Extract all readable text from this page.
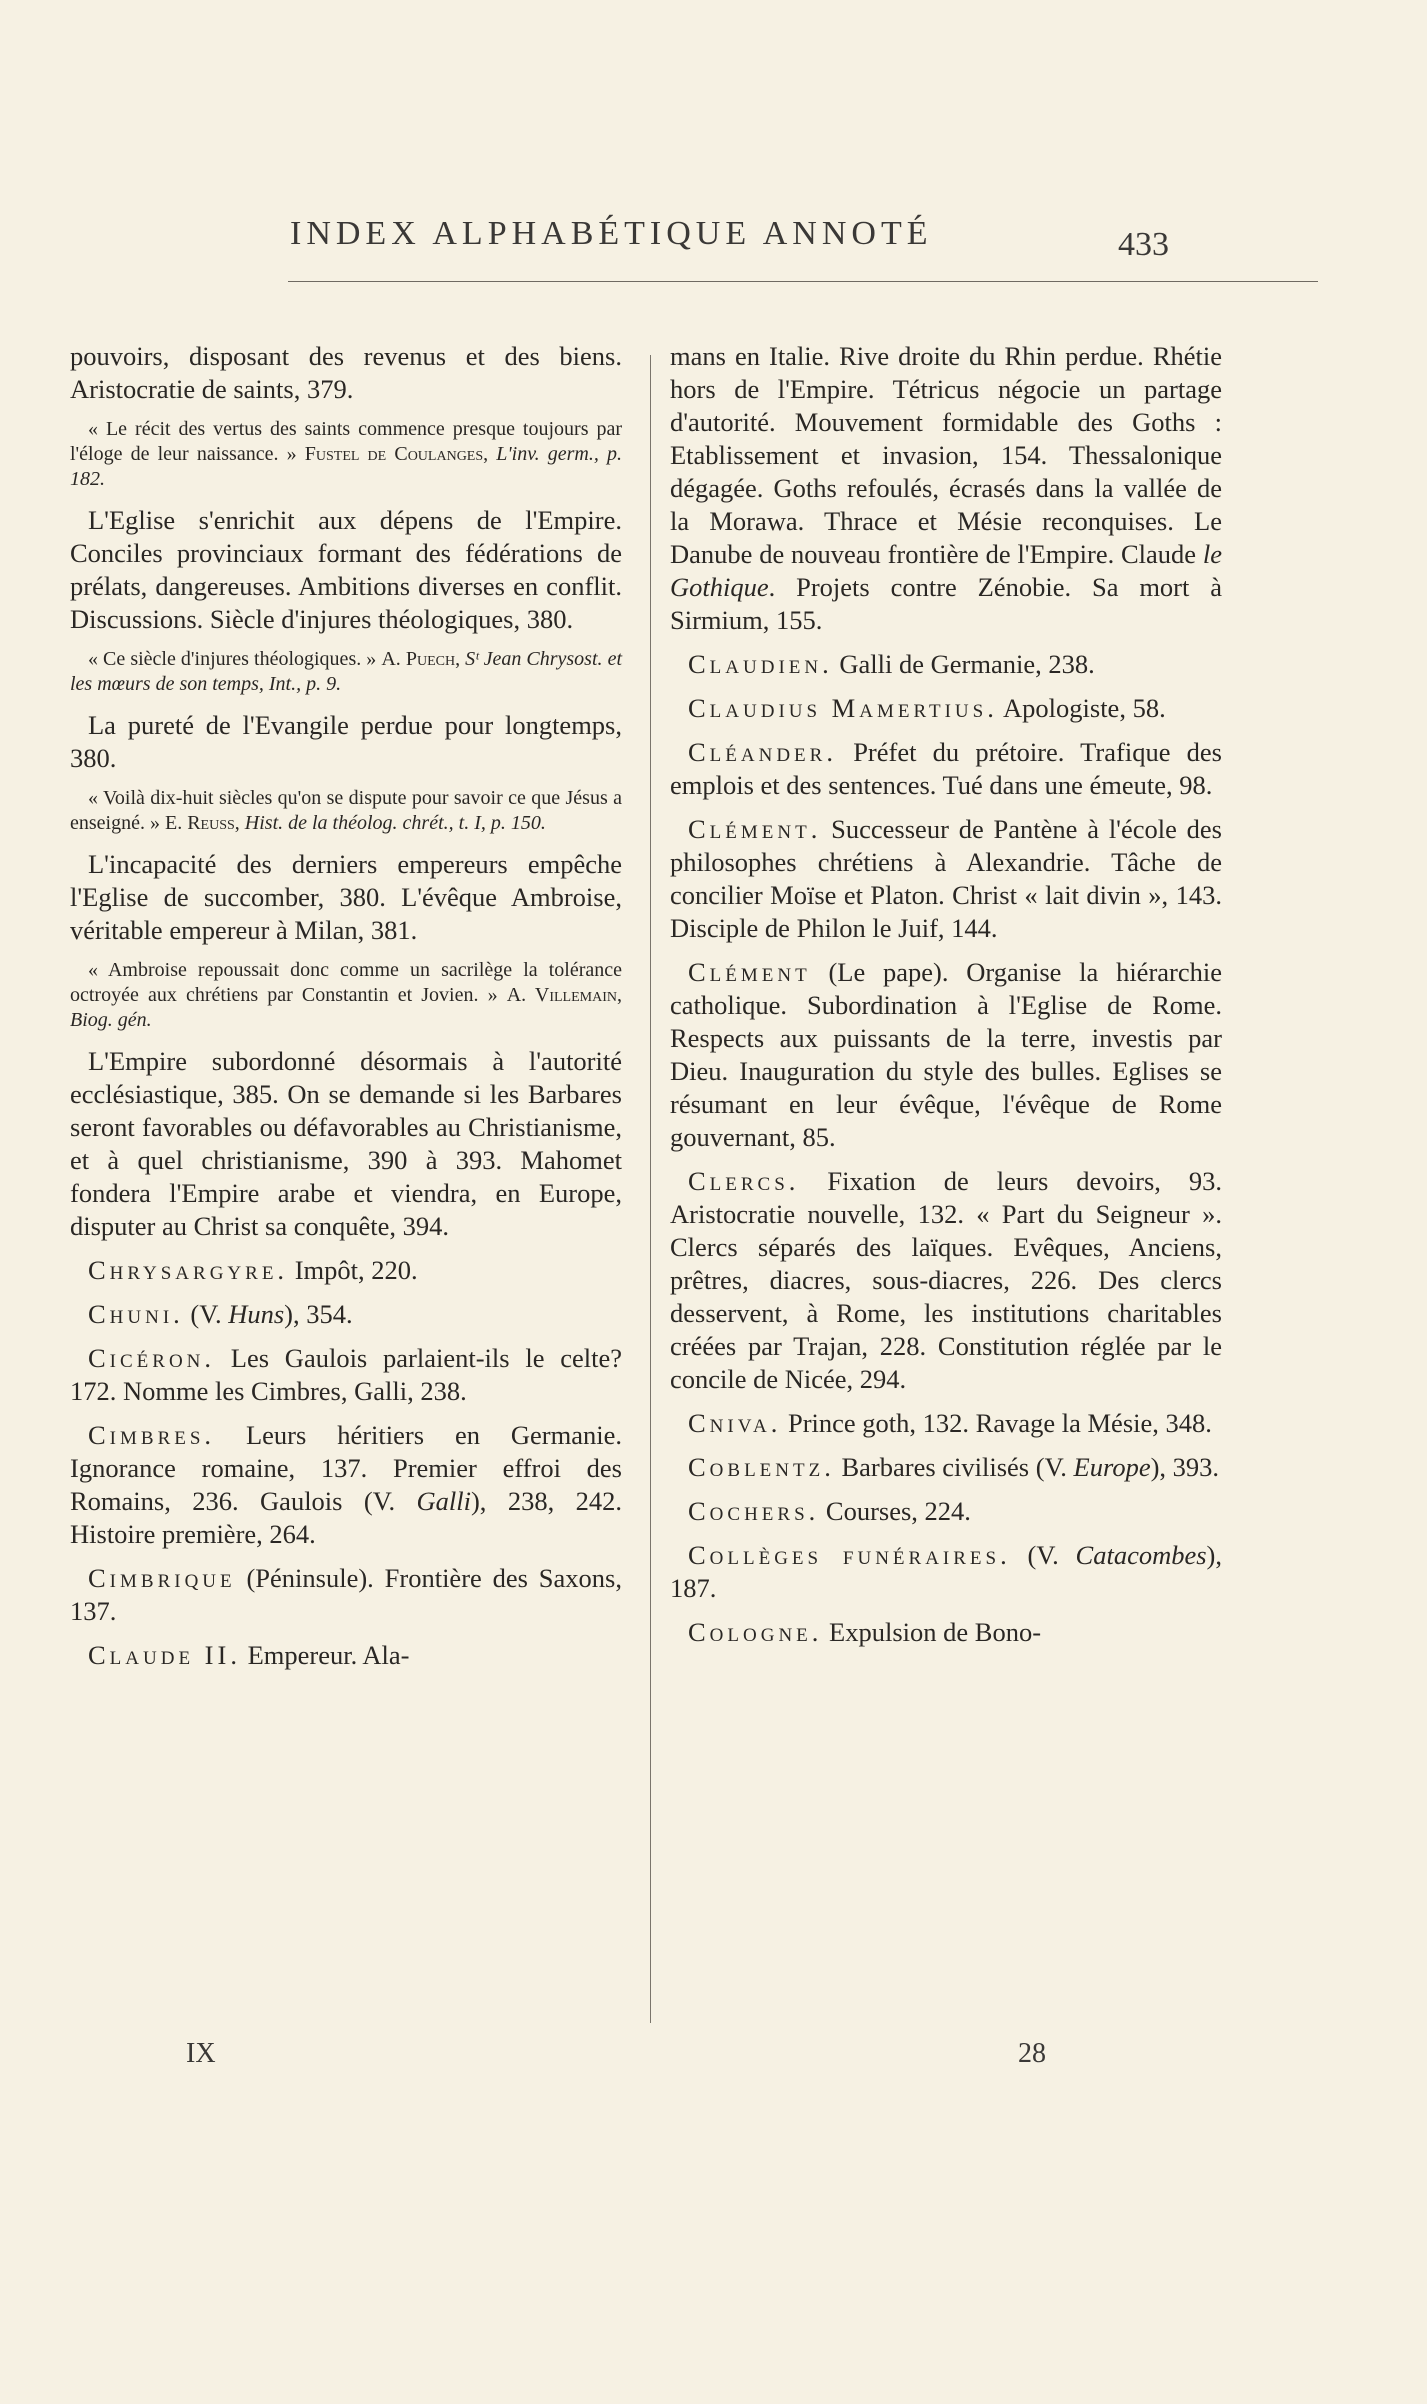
INDEX ALPHABÉTIQUE ANNOTÉ	433

pouvoirs, disposant des revenus et des biens. Aristocratie de saints, 379.

« Le récit des vertus des saints commence presque toujours par l'éloge de leur naissance. » Fustel de Coulanges, L'inv. germ., p. 182.

L'Eglise s'enrichit aux dépens de l'Empire. Conciles provinciaux formant des fédérations de prélats, dangereuses. Ambitions diverses en conflit. Discussions. Siècle d'injures théologiques, 380.

« Ce siècle d'injures théologiques. » A. Puech, Sᵗ Jean Chrysost. et les mœurs de son temps, Int., p. 9.

La pureté de l'Evangile perdue pour longtemps, 380.

« Voilà dix-huit siècles qu'on se dispute pour savoir ce que Jésus a enseigné. » E. Reuss, Hist. de la théolog. chrét., t. I, p. 150.

L'incapacité des derniers empereurs empêche l'Eglise de succomber, 380. L'évêque Ambroise, véritable empereur à Milan, 381.

« Ambroise repoussait donc comme un sacrilège la tolérance octroyée aux chrétiens par Constantin et Jovien. » A. Villemain, Biog. gén.

L'Empire subordonné désormais à l'autorité ecclésiastique, 385. On se demande si les Barbares seront favorables ou défavorables au Christianisme, et à quel christianisme, 390 à 393. Mahomet fondera l'Empire arabe et viendra, en Europe, disputer au Christ sa conquête, 394.

Chrysargyre. Impôt, 220.

Chuni. (V. Huns), 354.

Cicéron. Les Gaulois parlaient-ils le celte? 172. Nomme les Cimbres, Galli, 238.

Cimbres. Leurs héritiers en Germanie. Ignorance romaine, 137. Premier effroi des Romains, 236. Gaulois (V. Galli), 238, 242. Histoire première, 264.

Cimbrique (Péninsule). Frontière des Saxons, 137.

Claude II. Empereur. Ala-

mans en Italie. Rive droite du Rhin perdue. Rhétie hors de l'Empire. Tétricus négocie un partage d'autorité. Mouvement formidable des Goths : Etablissement et invasion, 154. Thessalonique dégagée. Goths refoulés, écrasés dans la vallée de la Morawa. Thrace et Mésie reconquises. Le Danube de nouveau frontière de l'Empire. Claude le Gothique. Projets contre Zénobie. Sa mort à Sirmium, 155.

Claudien. Galli de Germanie, 238.

Claudius Mamertius. Apologiste, 58.

Cléander. Préfet du prétoire. Trafique des emplois et des sentences. Tué dans une émeute, 98.

Clément. Successeur de Pantène à l'école des philosophes chrétiens à Alexandrie. Tâche de concilier Moïse et Platon. Christ « lait divin », 143. Disciple de Philon le Juif, 144.

Clément (Le pape). Organise la hiérarchie catholique. Subordination à l'Eglise de Rome. Respects aux puissants de la terre, investis par Dieu. Inauguration du style des bulles. Eglises se résumant en leur évêque, l'évêque de Rome gouvernant, 85.

Clercs. Fixation de leurs devoirs, 93. Aristocratie nouvelle, 132. « Part du Seigneur ». Clercs séparés des laïques. Evêques, Anciens, prêtres, diacres, sous-diacres, 226. Des clercs desservent, à Rome, les institutions charitables créées par Trajan, 228. Constitution réglée par le concile de Nicée, 294.

Cniva. Prince goth, 132. Ravage la Mésie, 348.

Coblentz. Barbares civilisés (V. Europe), 393.

Cochers. Courses, 224.

Collèges funéraires. (V. Catacombes), 187.

Cologne. Expulsion de Bono-

IX	28
